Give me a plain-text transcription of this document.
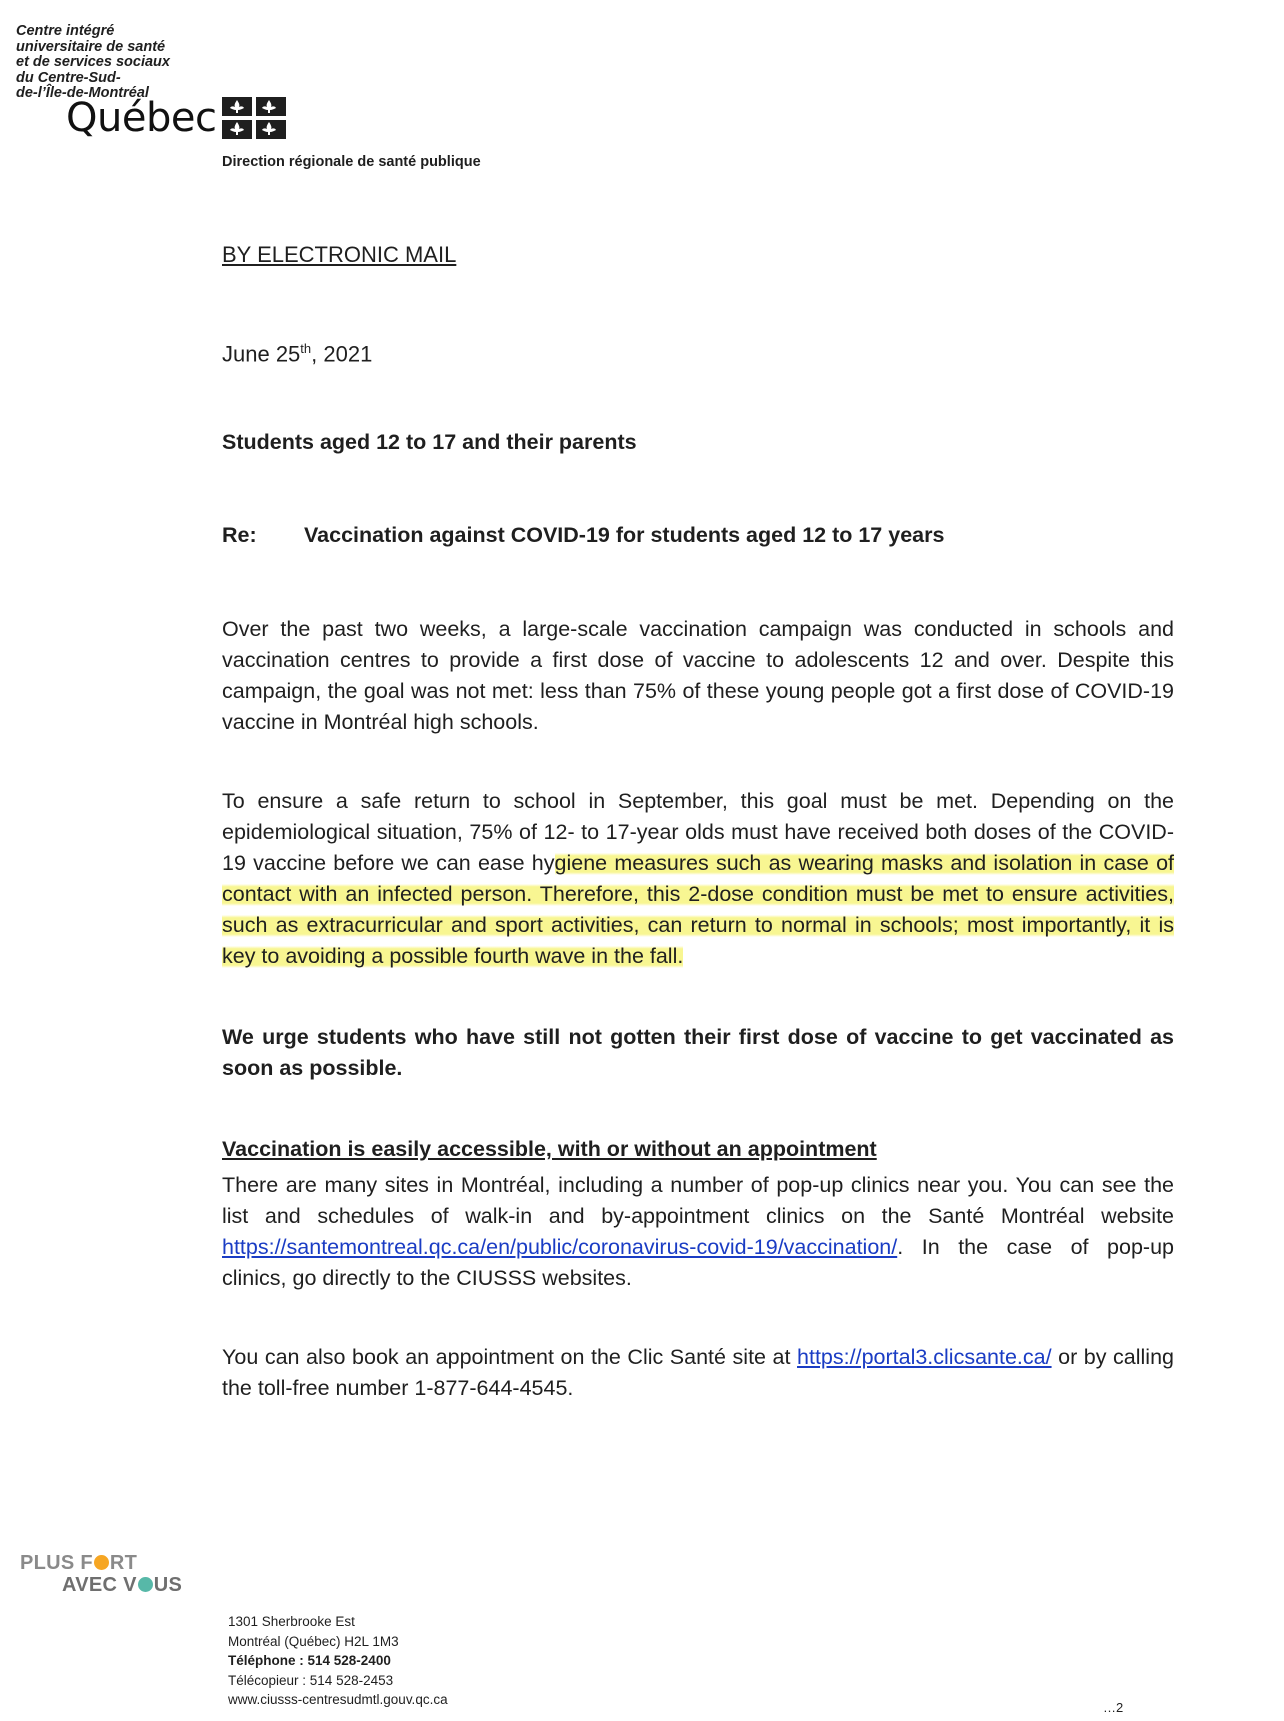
Centre intégré
universitaire de santé
et de services sociaux
du Centre-Sud-
de-l’Île-de-Montréal
Québec
Direction régionale de santé publique
BY ELECTRONIC MAIL
June 25th, 2021
Students aged 12 to 17 and their parents
Re: Vaccination against COVID-19 for students aged 12 to 17 years
Over the past two weeks, a large-scale vaccination campaign was conducted in schools and vaccination centres to provide a first dose of vaccine to adolescents 12 and over. Despite this campaign, the goal was not met: less than 75% of these young people got a first dose of COVID-19 vaccine in Montréal high schools.
To ensure a safe return to school in September, this goal must be met. Depending on the epidemiological situation, 75% of 12- to 17-year olds must have received both doses of the COVID-19 vaccine before we can ease hygiene measures such as wearing masks and isolation in case of contact with an infected person. Therefore, this 2-dose condition must be met to ensure activities, such as extracurricular and sport activities, can return to normal in schools; most importantly, it is key to avoiding a possible fourth wave in the fall.
We urge students who have still not gotten their first dose of vaccine to get vaccinated as soon as possible.
Vaccination is easily accessible, with or without an appointment
There are many sites in Montréal, including a number of pop-up clinics near you. You can see the list and schedules of walk-in and by-appointment clinics on the Santé Montréal website https://santemontreal.qc.ca/en/public/coronavirus-covid-19/vaccination/. In the case of pop-up clinics, go directly to the CIUSSS websites.
You can also book an appointment on the Clic Santé site at https://portal3.clicsante.ca/ or by calling the toll-free number 1-877-644-4545.
PLUS F RT
AVEC V US
1301 Sherbrooke Est
Montréal (Québec) H2L 1M3
Téléphone : 514 528-2400
Télécopieur : 514 528-2453
www.ciusss-centresudmtl.gouv.qc.ca
…2
